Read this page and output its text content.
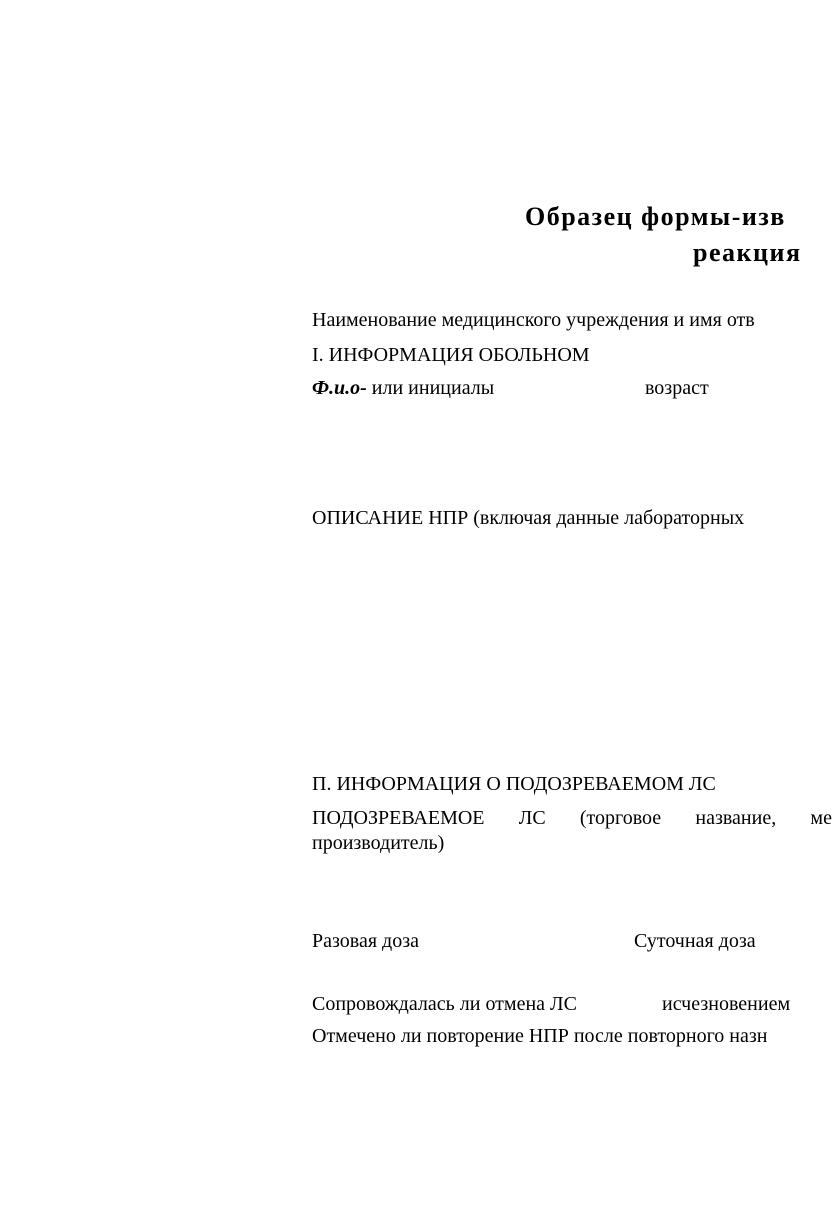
Образец формы-изв
реакция
Наименование медицинского учреждения и имя отв
I. ИНФОРМАЦИЯ ОБОЛЬНОМ
Ф.и.о- или инициалы	возраст
ОПИСАНИЕ НПР (включая данные лабораторных
П. ИНФОРМАЦИЯ О ПОДОЗРЕВАЕМОМ ЛС
ПОДОЗРЕВАЕМОЕ ЛС (торговое название, ме
производитель)
Разовая доза	Суточная доза
Сопровождалась ли отмена ЛС	исчезновением
Отмечено ли повторение НПР после повторного назн
